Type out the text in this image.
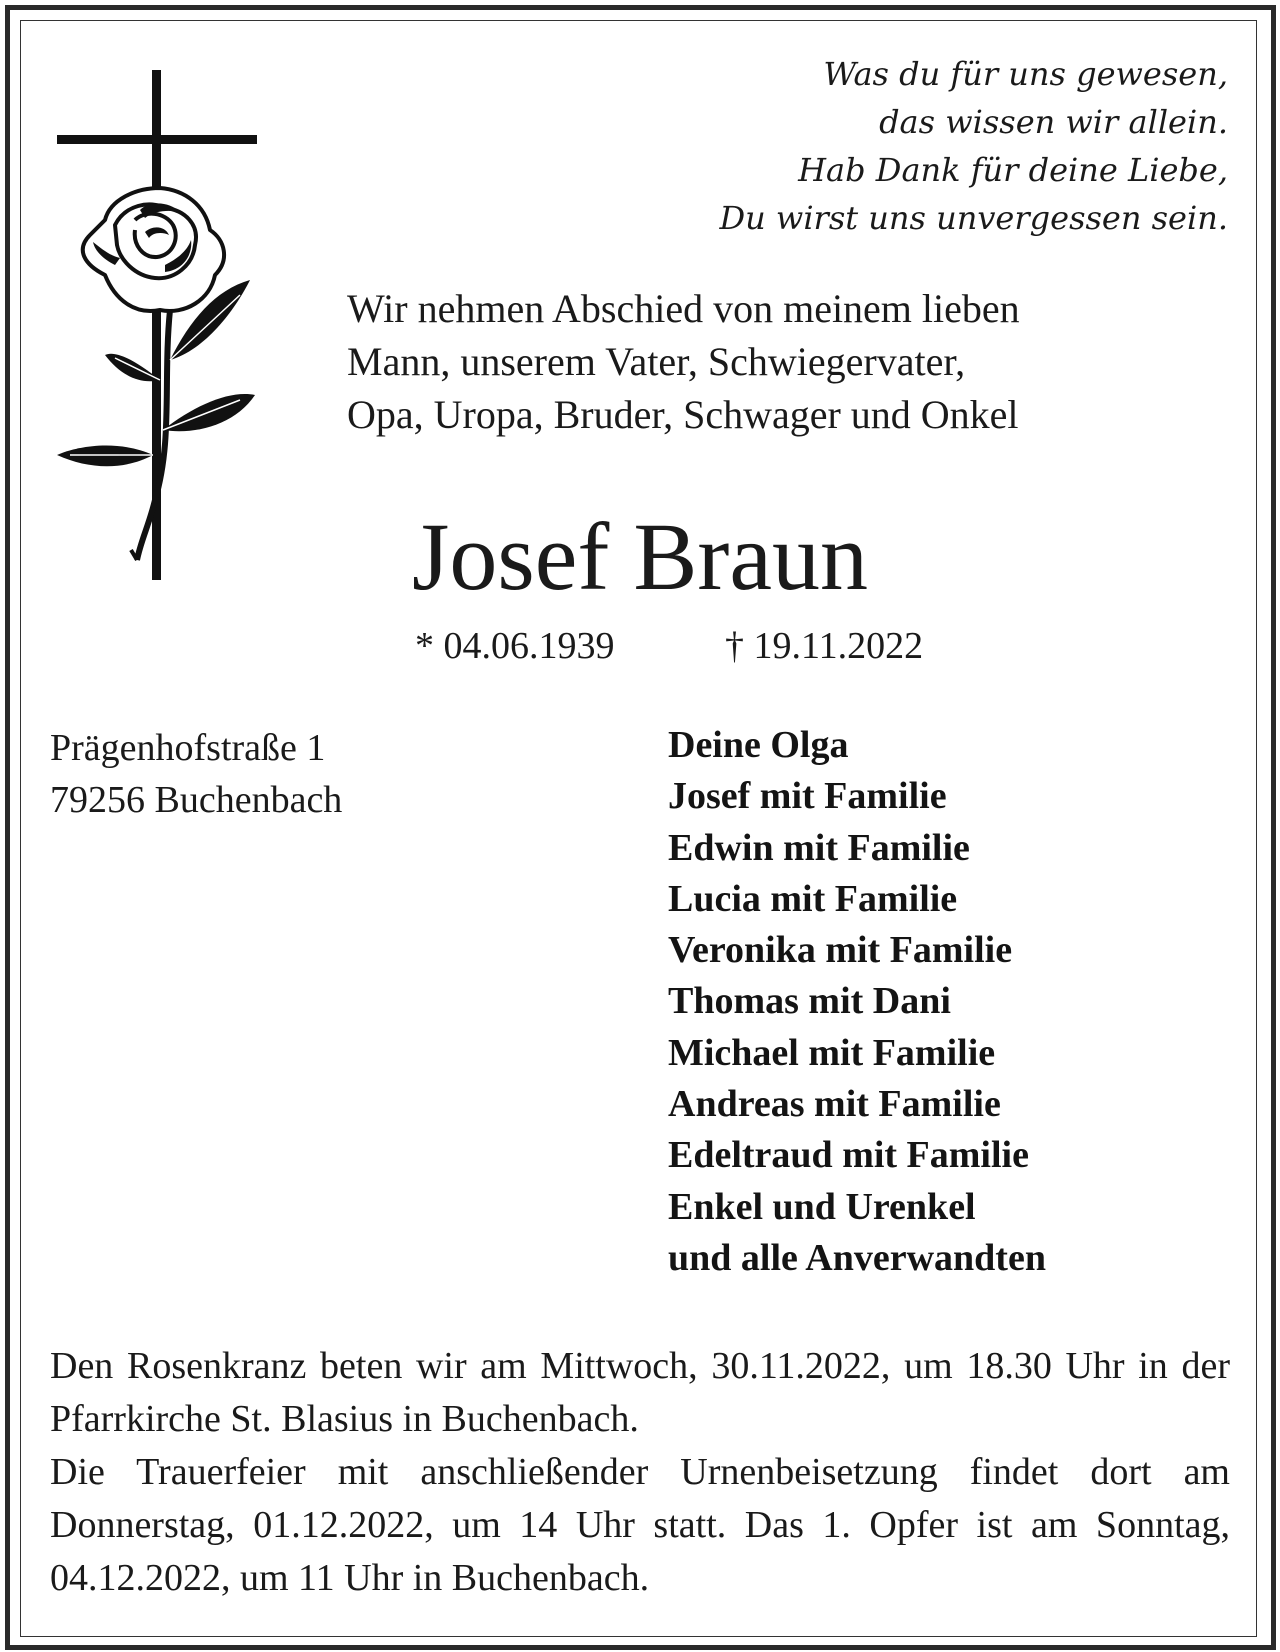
Was du für uns gewesen,
das wissen wir allein.
Hab Dank für deine Liebe,
Du wirst uns unvergessen sein.
Wir nehmen Abschied von meinem lieben
Mann, unserem Vater, Schwiegervater,
Opa, Uropa, Bruder, Schwager und Onkel
Josef Braun
* 04.06.1939	† 19.11.2022
Prägenhofstraße 1
79256 Buchenbach
Deine Olga
Josef mit Familie
Edwin mit Familie
Lucia mit Familie
Veronika mit Familie
Thomas mit Dani
Michael mit Familie
Andreas mit Familie
Edeltraud mit Familie
Enkel und Urenkel
und alle Anverwandten

Den Rosenkranz beten wir am Mittwoch, 30.11.2022, um 18.30 Uhr in der Pfarrkirche St. Blasius in Buchenbach.

Die Trauerfeier mit anschließender Urnenbeisetzung findet dort am Donnerstag, 01.12.2022, um 14 Uhr statt. Das 1. Opfer ist am Sonntag, 04.12.2022, um 11 Uhr in Buchenbach.
